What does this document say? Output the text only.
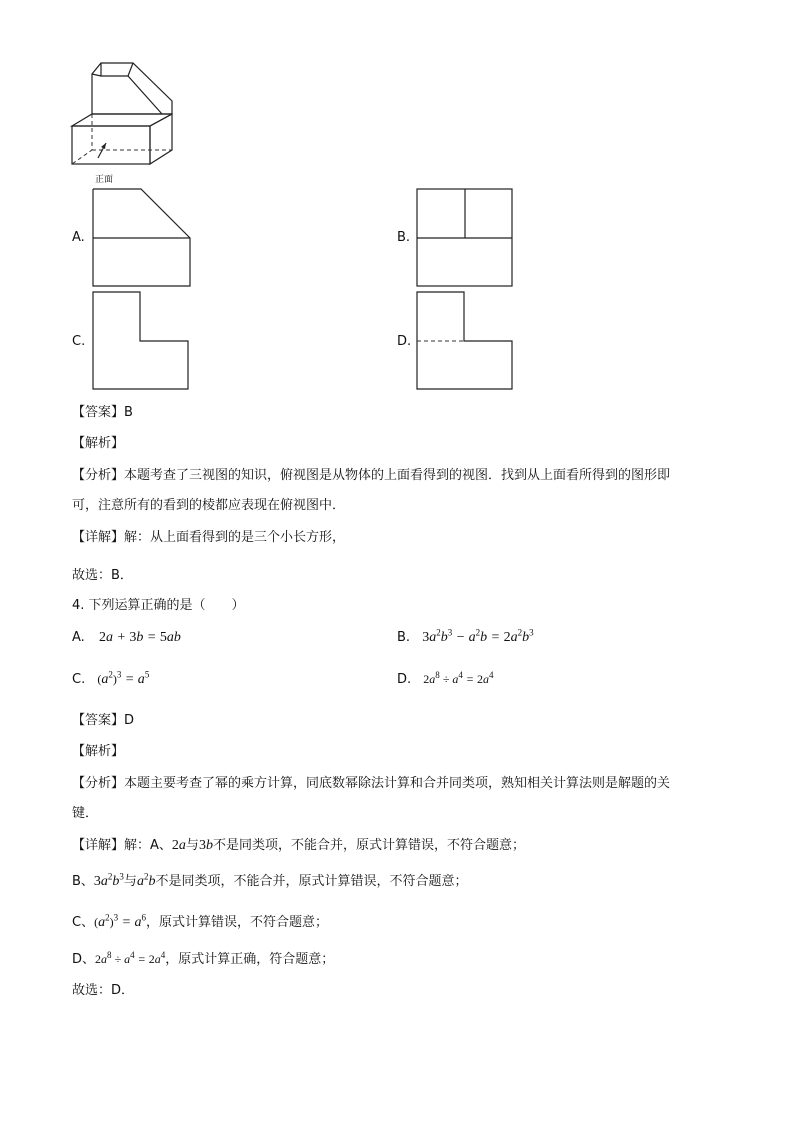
正面
A.	B.
C.	D.
【答案】B
【解析】
【分析】本题考查了三视图的知识，俯视图是从物体的上面看得到的视图．找到从上面看所得到的图形即
可，注意所有的看到的棱都应表现在俯视图中．
【详解】解：从上面看得到的是三个小长方形，
故选：B．
4. 下列运算正确的是（　　）
A. 2a + 3b = 5ab	B. $3a^2b^3 - a^2b = 2a^2b^3$
C. $(a^2)^3 = a^5$	D. $2a^8 \div a^4 = 2a^4$
【答案】D
【解析】
【分析】本题主要考查了幂的乘方计算，同底数幂除法计算和合并同类项，熟知相关计算法则是解题的关
键．
【详解】解：A、2a与3b不是同类项，不能合并，原式计算错误，不符合题意；
B、$3a^2b^3$与$a^2b$不是同类项，不能合并，原式计算错误，不符合题意；
C、$(a^2)^3 = a^6$，原式计算错误，不符合题意；
D、$2a^8 \div a^4 = 2a^4$，原式计算正确，符合题意；
故选：D．
